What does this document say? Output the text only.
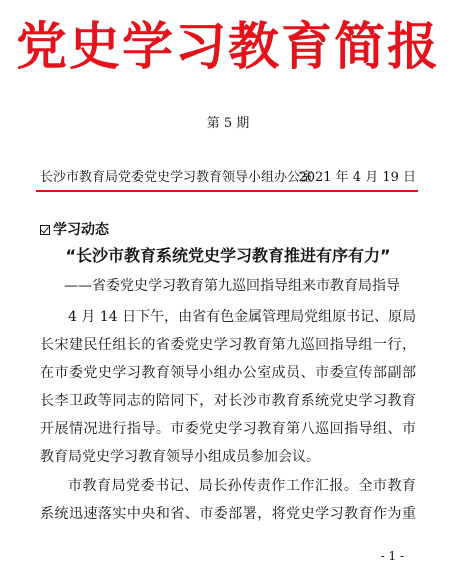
党史学习教育简报
第 5 期
长沙市教育局党委党史学习教育领导小组办公室
2021 年 4 月 19 日
学习动态
“长沙市教育系统党史学习教育推进有序有力”
——省委党史学习教育第九巡回指导组来市教育局指导
4 月 14 日下午，由省有色金属管理局党组原书记、原局
长宋建民任组长的省委党史学习教育第九巡回指导组一行，
在市委党史学习教育领导小组办公室成员、市委宣传部副部
长李卫政等同志的陪同下，对长沙市教育系统党史学习教育
开展情况进行指导。市委党史学习教育第八巡回指导组、市
教育局党史学习教育领导小组成员参加会议。
市教育局党委书记、局长孙传责作工作汇报。全市教育
系统迅速落实中央和省、市委部署，将党史学习教育作为重
- 1 -
